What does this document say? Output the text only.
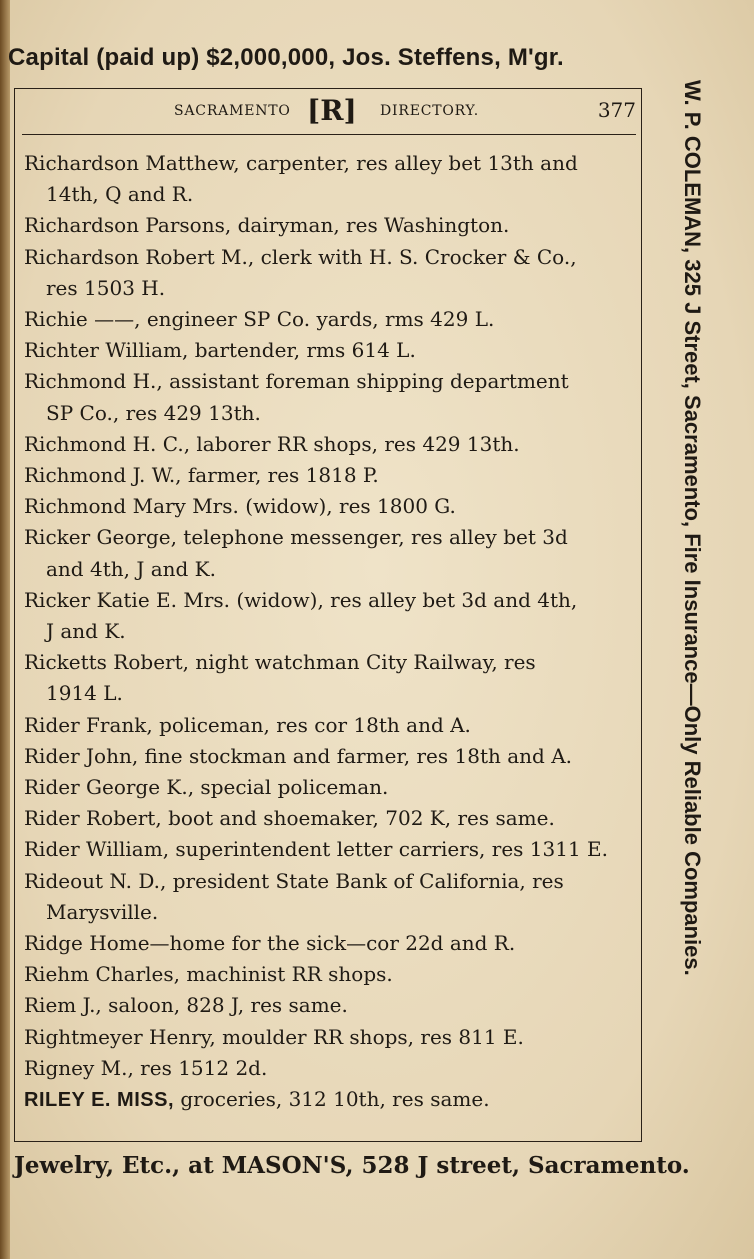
Capital (paid up) $2,000,000, Jos. Steffens, M'gr.
SACRAMENTO [R] DIRECTORY.	377
Richardson Matthew, carpenter, res alley bet 13th and
14th, Q and R.
Richardson Parsons, dairyman, res Washington.
Richardson Robert M., clerk with H. S. Crocker & Co.,
res 1503 H.
Richie ——, engineer SP Co. yards, rms 429 L.
Richter William, bartender, rms 614 L.
Richmond H., assistant foreman shipping department
SP Co., res 429 13th.
Richmond H. C., laborer RR shops, res 429 13th.
Richmond J. W., farmer, res 1818 P.
Richmond Mary Mrs. (widow), res 1800 G.
Ricker George, telephone messenger, res alley bet 3d
and 4th, J and K.
Ricker Katie E. Mrs. (widow), res alley bet 3d and 4th,
J and K.
Ricketts Robert, night watchman City Railway, res
1914 L.
Rider Frank, policeman, res cor 18th and A.
Rider John, fine stockman and farmer, res 18th and A.
Rider George K., special policeman.
Rider Robert, boot and shoemaker, 702 K, res same.
Rider William, superintendent letter carriers, res 1311 E.
Rideout N. D., president State Bank of California, res
Marysville.
Ridge Home—home for the sick—cor 22d and R.
Riehm Charles, machinist RR shops.
Riem J., saloon, 828 J, res same.
Rightmeyer Henry, moulder RR shops, res 811 E.
Rigney M., res 1512 2d.
RILEY E. MISS, groceries, 312 10th, res same.
W. P. COLEMAN, 325 J Street, Sacramento, Fire Insurance—Only Reliable Companies.
Jewelry, Etc., at MASON'S, 528 J street, Sacramento.
